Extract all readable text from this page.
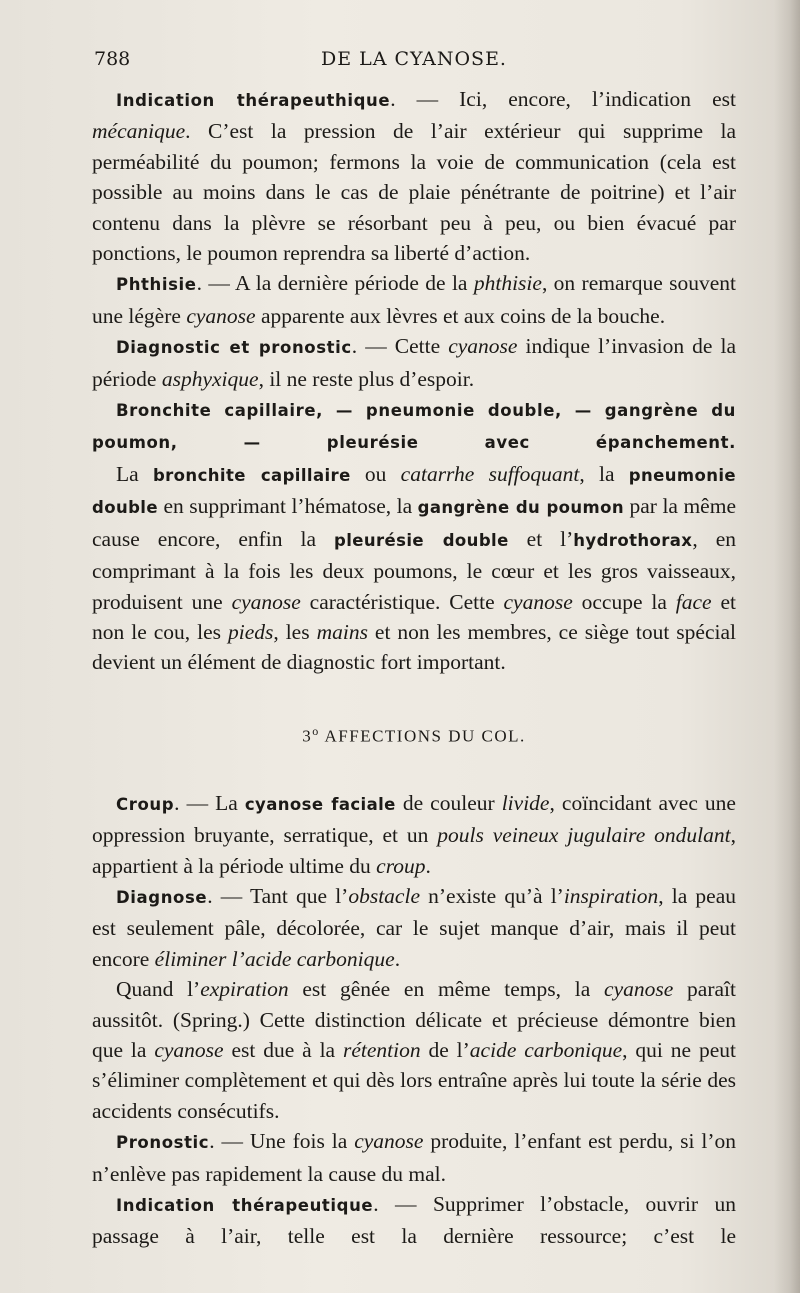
788	DE LA CYANOSE.

Indication thérapeuthique. — Ici, encore, l’indication est mécanique. C’est la pression de l’air extérieur qui supprime la perméabilité du poumon; fermons la voie de communication (cela est possible au moins dans le cas de plaie pénétrante de poitrine) et l’air contenu dans la plèvre se résorbant peu à peu, ou bien évacué par ponctions, le poumon reprendra sa liberté d’action.

Phthisie. — A la dernière période de la phthisie, on remarque souvent une légère cyanose apparente aux lèvres et aux coins de la bouche.

Diagnostic et pronostic. — Cette cyanose indique l’invasion de la période asphyxique, il ne reste plus d’espoir.

Bronchite capillaire, — pneumonie double, — gangrène du poumon, — pleurésie avec épanchement.

La bronchite capillaire ou catarrhe suffoquant, la pneumonie double en supprimant l’hématose, la gangrène du poumon par la même cause encore, enfin la pleurésie double et l’hydrothorax, en comprimant à la fois les deux poumons, le cœur et les gros vaisseaux, produisent une cyanose caractéristique. Cette cyanose occupe la face et non le cou, les pieds, les mains et non les membres, ce siège tout spécial devient un élément de diagnostic fort important.

3$^o$ AFFECTIONS DU COL.

Croup. — La cyanose faciale de couleur livide, coïncidant avec une oppression bruyante, serratique, et un pouls veineux jugulaire ondulant, appartient à la période ultime du croup.

Diagnose. — Tant que l’obstacle n’existe qu’à l’inspiration, la peau est seulement pâle, décolorée, car le sujet manque d’air, mais il peut encore éliminer l’acide carbonique.

Quand l’expiration est gênée en même temps, la cyanose paraît aussitôt. (Spring.) Cette distinction délicate et précieuse démontre bien que la cyanose est due à la rétention de l’acide carbonique, qui ne peut s’éliminer complètement et qui dès lors entraîne après lui toute la série des accidents consécutifs.

Pronostic. — Une fois la cyanose produite, l’enfant est perdu, si l’on n’enlève pas rapidement la cause du mal.

Indication thérapeutique. — Supprimer l’obstacle, ouvrir un passage à l’air, telle est la dernière ressource; c’est le
